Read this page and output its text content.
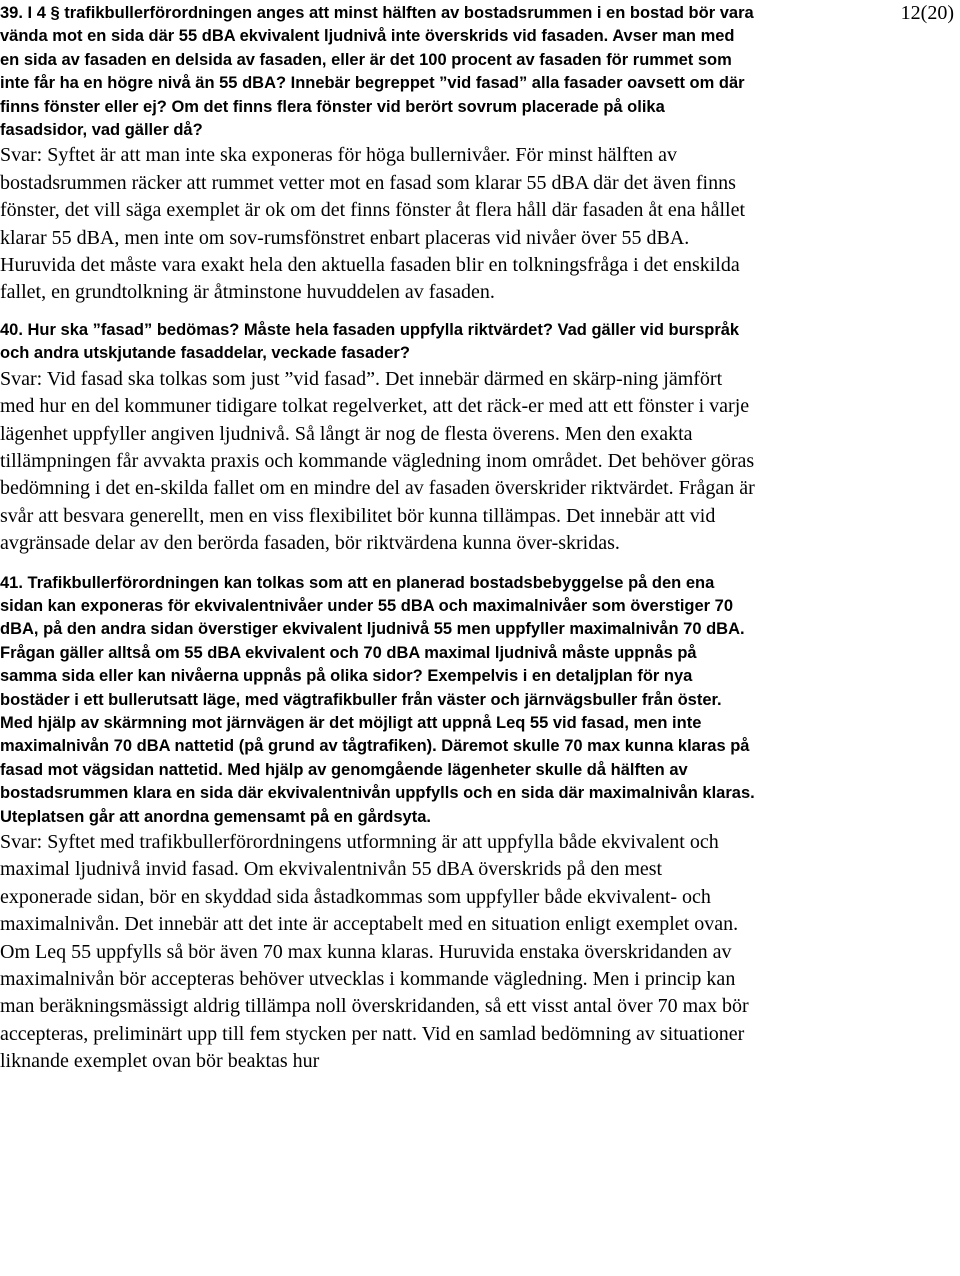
12(20)

39. I 4 § trafikbullerförordningen anges att minst hälften av bostadsrummen i en bostad bör vara vända mot en sida där 55 dBA ekvivalent ljudnivå inte överskrids vid fasaden. Avser man med en sida av fasaden en delsida av fasaden, eller är det 100 procent av fasaden för rummet som inte får ha en högre nivå än 55 dBA? Innebär begreppet ”vid fasad” alla fasader oavsett om där finns fönster eller ej? Om det finns flera fönster vid berört sovrum placerade på olika fasadsidor, vad gäller då?

Svar: Syftet är att man inte ska exponeras för höga bullernivåer. För minst hälften av bostadsrummen räcker att rummet vetter mot en fasad som klarar 55 dBA där det även finns fönster, det vill säga exemplet är ok om det finns fönster åt flera håll där fasaden åt ena hållet klarar 55 dBA, men inte om sov-rumsfönstret enbart placeras vid nivåer över 55 dBA. Huruvida det måste vara exakt hela den aktuella fasaden blir en tolkningsfråga i det enskilda fallet, en grundtolkning är åtminstone huvuddelen av fasaden.

40. Hur ska ”fasad” bedömas? Måste hela fasaden uppfylla riktvärdet? Vad gäller vid burspråk och andra utskjutande fasaddelar, veckade fasader?

Svar: Vid fasad ska tolkas som just ”vid fasad”. Det innebär därmed en skärp-ning jämfört med hur en del kommuner tidigare tolkat regelverket, att det räck-er med att ett fönster i varje lägenhet uppfyller angiven ljudnivå. Så långt är nog de flesta överens. Men den exakta tillämpningen får avvakta praxis och kommande vägledning inom området. Det behöver göras bedömning i det en-skilda fallet om en mindre del av fasaden överskrider riktvärdet. Frågan är svår att besvara generellt, men en viss flexibilitet bör kunna tillämpas. Det innebär att vid avgränsade delar av den berörda fasaden, bör riktvärdena kunna över-skridas.

41. Trafikbullerförordningen kan tolkas som att en planerad bostadsbebyggelse på den ena sidan kan exponeras för ekvivalentnivåer under 55 dBA och maximalnivåer som överstiger 70 dBA, på den andra sidan överstiger ekvivalent ljudnivå 55 men uppfyller maximalnivån 70 dBA. Frågan gäller alltså om 55 dBA ekvivalent och 70 dBA maximal ljudnivå måste uppnås på samma sida eller kan nivåerna uppnås på olika sidor? Exempelvis i en detaljplan för nya bostäder i ett bullerutsatt läge, med vägtrafikbuller från väster och järnvägsbuller från öster. Med hjälp av skärmning mot järnvägen är det möjligt att uppnå Leq 55 vid fasad, men inte maximalnivån 70 dBA nattetid (på grund av tågtrafiken). Däremot skulle 70 max kunna klaras på fasad mot vägsidan nattetid. Med hjälp av genomgående lägenheter skulle då hälften av bostadsrummen klara en sida där ekvivalentnivån uppfylls och en sida där maximalnivån klaras. Uteplatsen går att anordna gemensamt på en gårdsyta.

Svar: Syftet med trafikbullerförordningens utformning är att uppfylla både ekvivalent och maximal ljudnivå invid fasad. Om ekvivalentnivån 55 dBA överskrids på den mest exponerade sidan, bör en skyddad sida åstadkommas som uppfyller både ekvivalent- och maximalnivån. Det innebär att det inte är acceptabelt med en situation enligt exemplet ovan. Om Leq 55 uppfylls så bör även 70 max kunna klaras. Huruvida enstaka överskridanden av maximalnivån bör accepteras behöver utvecklas i kommande vägledning. Men i princip kan man beräkningsmässigt aldrig tillämpa noll överskridanden, så ett visst antal över 70 max bör accepteras, preliminärt upp till fem stycken per natt. Vid en samlad bedömning av situationer liknande exemplet ovan bör beaktas hur
